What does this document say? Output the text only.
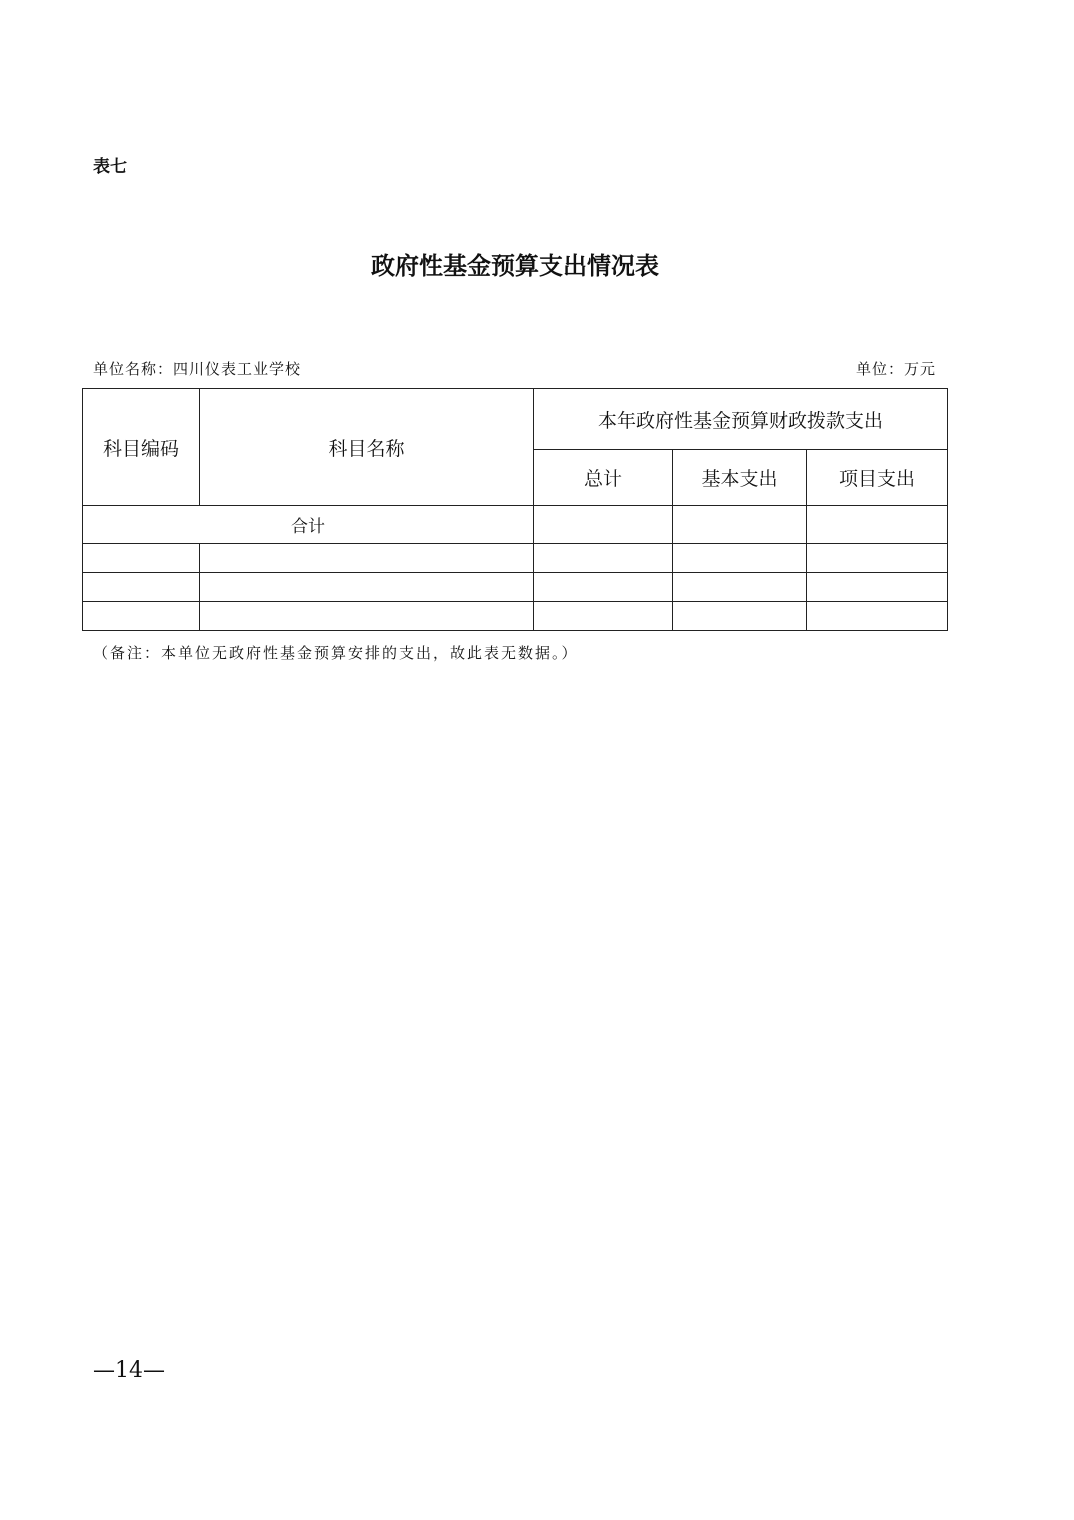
表七
政府性基金预算支出情况表
单位名称：四川仪表工业学校	单位：万元
科目编码	科目名称	本年政府性基金预算财政拨款支出		
		总计	基本支出	项目支出
合计				

（备注：本单位无政府性基金预算安排的支出，故此表无数据。）
—14—
